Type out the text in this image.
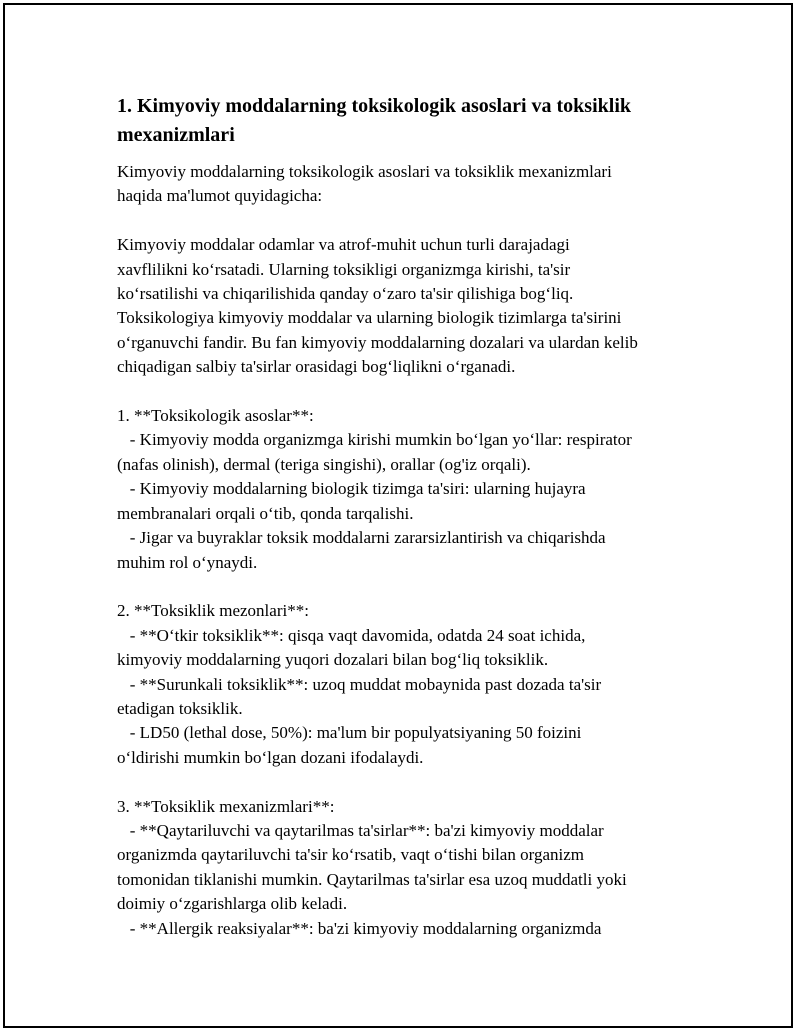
1. Kimyoviy moddalarning toksikologik asoslari va toksiklik mexanizmlari

Kimyoviy moddalarning toksikologik asoslari va toksiklik mexanizmlari
haqida ma'lumot quyidagicha:

Kimyoviy moddalar odamlar va atrof-muhit uchun turli darajadagi
xavflilikni ko‘rsatadi. Ularning toksikligi organizmga kirishi, ta'sir
ko‘rsatilishi va chiqarilishida qanday o‘zaro ta'sir qilishiga bog‘liq.
Toksikologiya kimyoviy moddalar va ularning biologik tizimlarga ta'sirini
o‘rganuvchi fandir. Bu fan kimyoviy moddalarning dozalari va ulardan kelib
chiqadigan salbiy ta'sirlar orasidagi bog‘liqlikni o‘rganadi.

1. **Toksikologik asoslar**:
- Kimyoviy modda organizmga kirishi mumkin bo‘lgan yo‘llar: respirator
(nafas olinish), dermal (teriga singishi), orallar (og'iz orqali).
- Kimyoviy moddalarning biologik tizimga ta'siri: ularning hujayra
membranalari orqali o‘tib, qonda tarqalishi.
- Jigar va buyraklar toksik moddalarni zararsizlantirish va chiqarishda
muhim rol o‘ynaydi.

2. **Toksiklik mezonlari**:
- **O‘tkir toksiklik**: qisqa vaqt davomida, odatda 24 soat ichida,
kimyoviy moddalarning yuqori dozalari bilan bog‘liq toksiklik.
- **Surunkali toksiklik**: uzoq muddat mobaynida past dozada ta'sir
etadigan toksiklik.
- LD50 (lethal dose, 50%): ma'lum bir populyatsiyaning 50 foizini
o‘ldirishi mumkin bo‘lgan dozani ifodalaydi.

3. **Toksiklik mexanizmlari**:
- **Qaytariluvchi va qaytarilmas ta'sirlar**: ba'zi kimyoviy moddalar
organizmda qaytariluvchi ta'sir ko‘rsatib, vaqt o‘tishi bilan organizm
tomonidan tiklanishi mumkin. Qaytarilmas ta'sirlar esa uzoq muddatli yoki
doimiy o‘zgarishlarga olib keladi.
- **Allergik reaksiyalar**: ba'zi kimyoviy moddalarning organizmda
